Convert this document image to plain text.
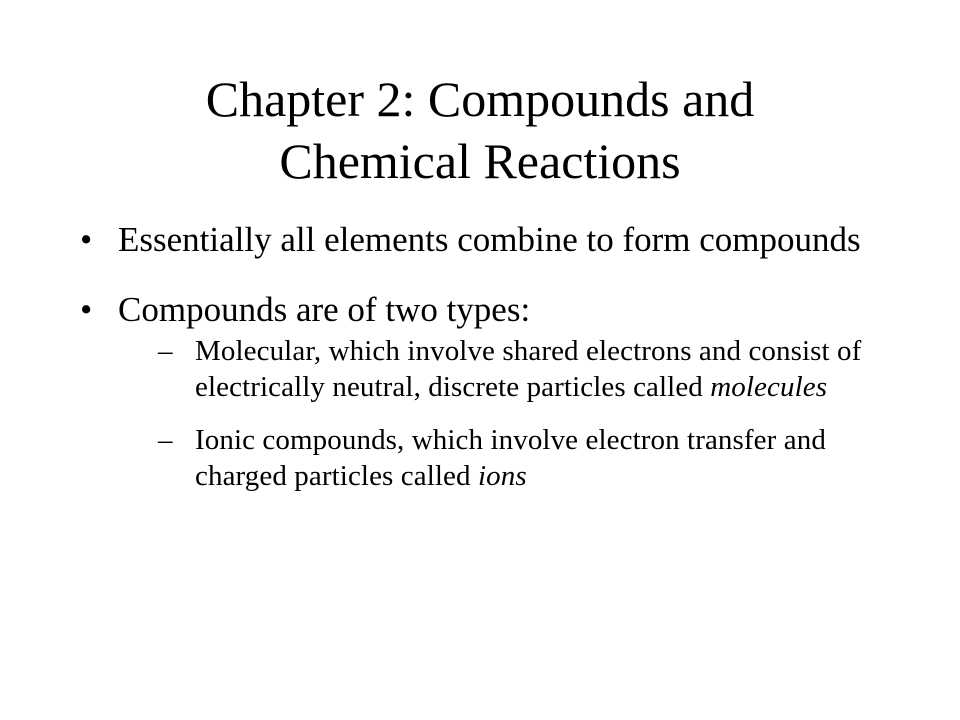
Chapter 2: Compounds and
Chemical Reactions
• Essentially all elements combine to form compounds
• Compounds are of two types:
– Molecular, which involve shared electrons and consist of electrically neutral, discrete particles called molecules
– Ionic compounds, which involve electron transfer and charged particles called ions
